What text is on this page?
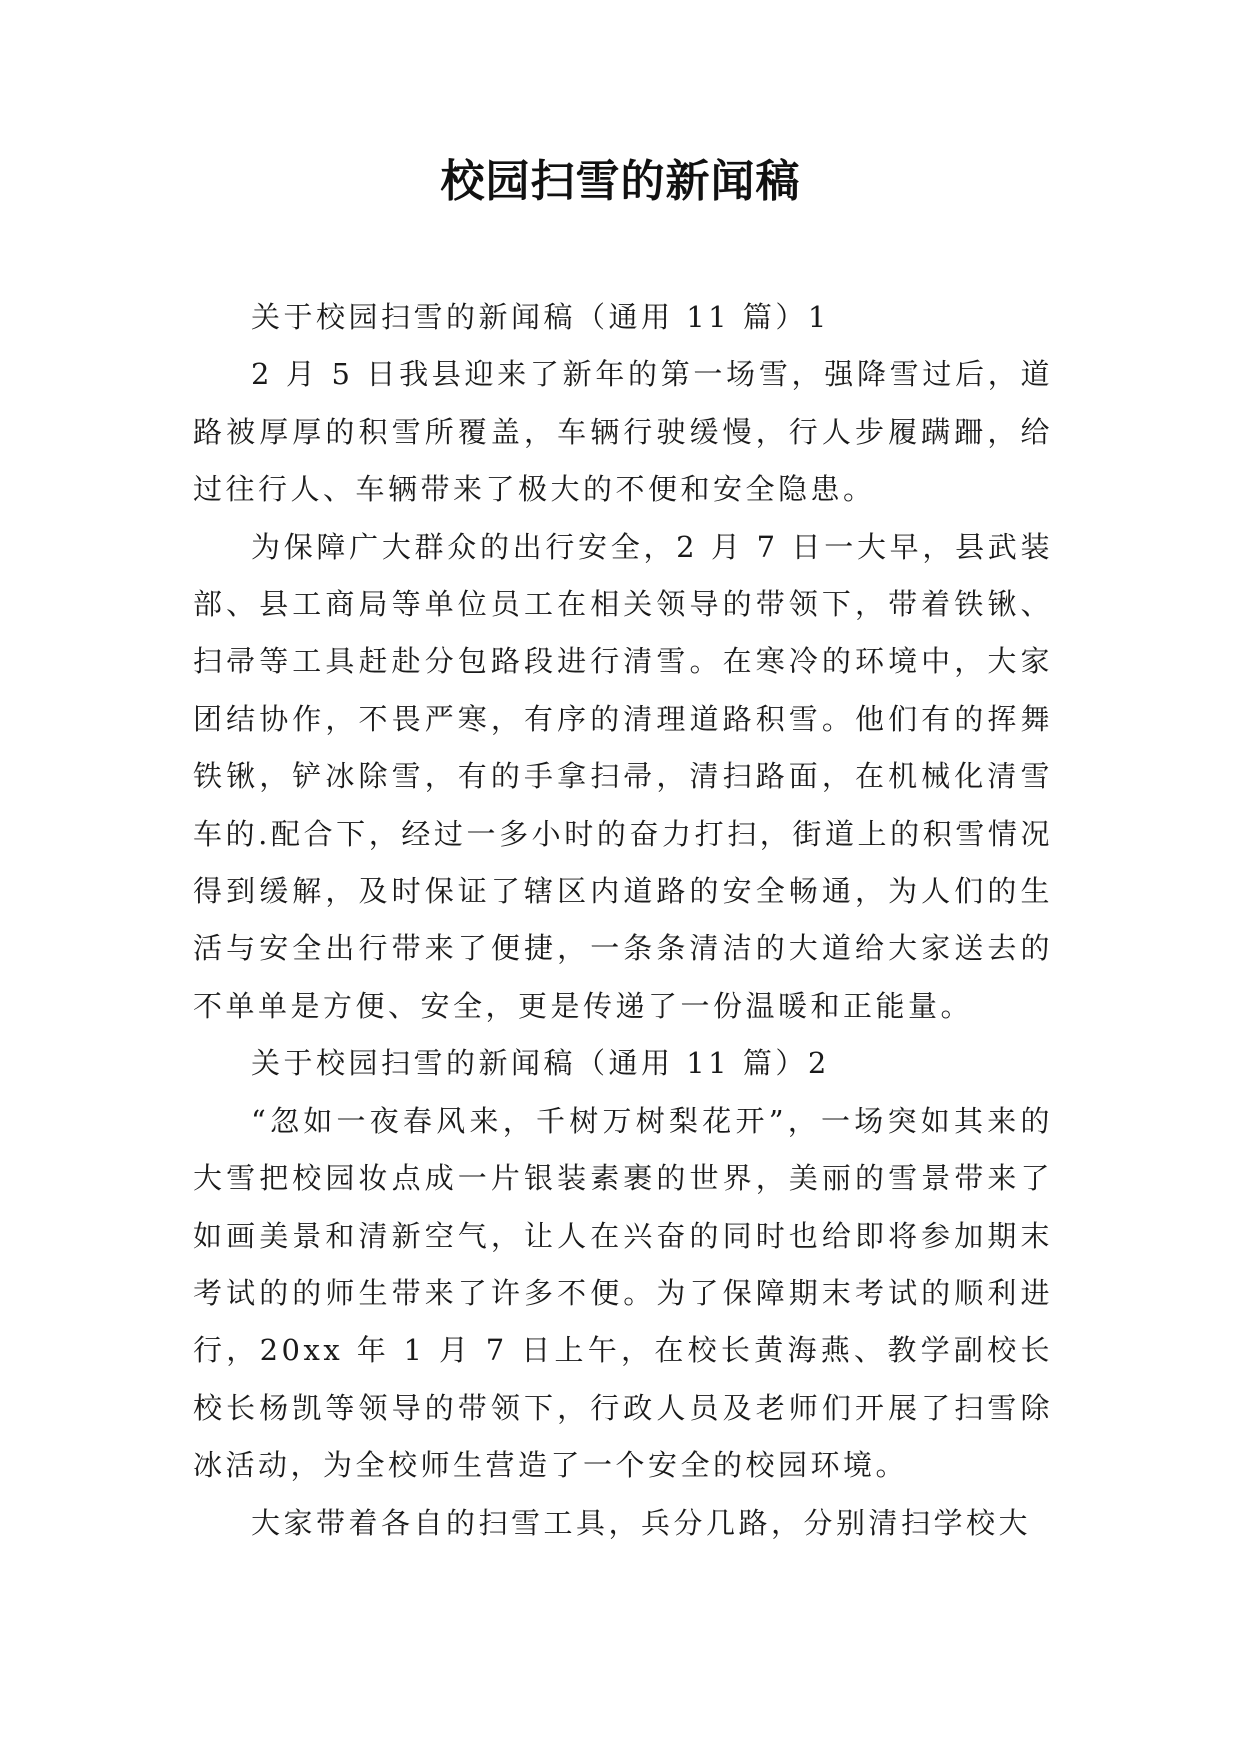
校园扫雪的新闻稿

关于校园扫雪的新闻稿（通用 11 篇）1

2 月 5 日我县迎来了新年的第一场雪，强降雪过后，道路被厚厚的积雪所覆盖，车辆行驶缓慢，行人步履蹒跚，给过往行人、车辆带来了极大的不便和安全隐患。

为保障广大群众的出行安全，2 月 7 日一大早，县武装部、县工商局等单位员工在相关领导的带领下，带着铁锹、扫帚等工具赶赴分包路段进行清雪。在寒冷的环境中，大家团结协作，不畏严寒，有序的清理道路积雪。他们有的挥舞铁锹，铲冰除雪，有的手拿扫帚，清扫路面，在机械化清雪车的.配合下，经过一多小时的奋力打扫，街道上的积雪情况得到缓解，及时保证了辖区内道路的安全畅通，为人们的生活与安全出行带来了便捷，一条条清洁的大道给大家送去的不单单是方便、安全，更是传递了一份温暖和正能量。

关于校园扫雪的新闻稿（通用 11 篇）2

“忽如一夜春风来，千树万树梨花开”，一场突如其来的大雪把校园妆点成一片银装素裹的世界，美丽的雪景带来了如画美景和清新空气，让人在兴奋的同时也给即将参加期末考试的的师生带来了许多不便。为了保障期末考试的顺利进行，20xx 年 1 月 7 日上午，在校长黄海燕、教学副校长校长杨凯等领导的带领下，行政人员及老师们开展了扫雪除冰活动，为全校师生营造了一个安全的校园环境。

大家带着各自的扫雪工具，兵分几路，分别清扫学校大
